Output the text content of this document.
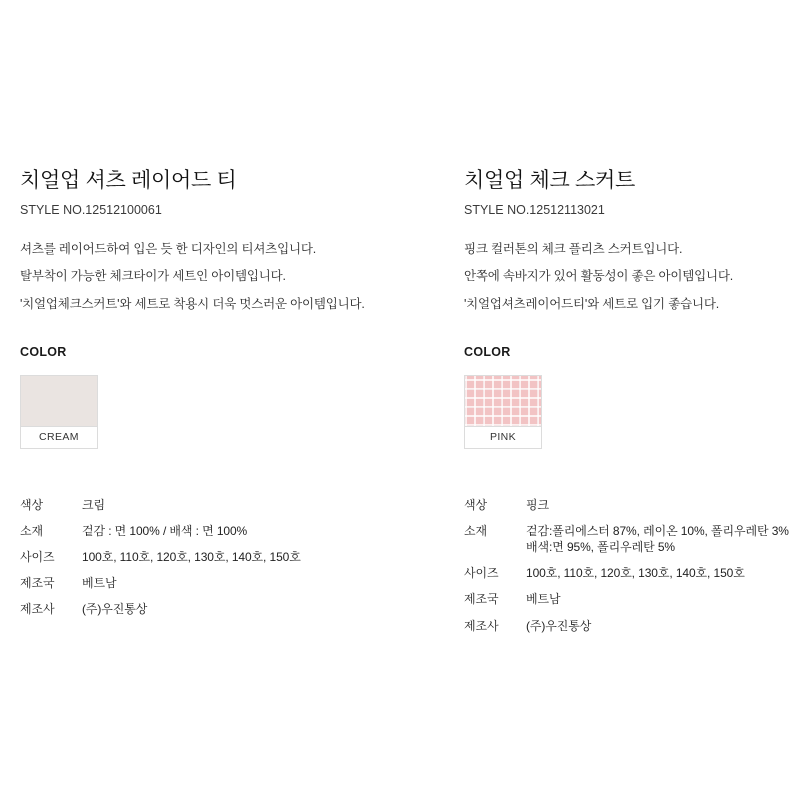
치얼업 셔츠 레이어드 티

STYLE NO.12512100061

셔츠를 레이어드하여 입은 듯 한 디자인의 티셔츠입니다.
탈부착이 가능한 체크타이가 세트인 아이템입니다.
'치얼업체크스커트'와 세트로 착용시 더욱 멋스러운 아이템입니다.
COLOR
CREAM
색상	크림
소재	겉감 : 면 100% / 배색 : 면 100%
사이즈	100호, 110호, 120호, 130호, 140호, 150호
제조국	베트남
제조사	(주)우진통상
치얼업 체크 스커트

STYLE NO.12512113021

핑크 컬러톤의 체크 플리츠 스커트입니다.
안쪽에 속바지가 있어 활동성이 좋은 아이템입니다.
'치얼업셔츠레이어드티'와 세트로 입기 좋습니다.
COLOR
PINK
색상	핑크
소재	겉감:폴리에스터 87%, 레이온 10%, 폴리우레탄 3%
배색:면 95%, 폴리우레탄 5%

사이즈	100호, 110호, 120호, 130호, 140호, 150호
제조국	베트남
제조사	(주)우진통상
